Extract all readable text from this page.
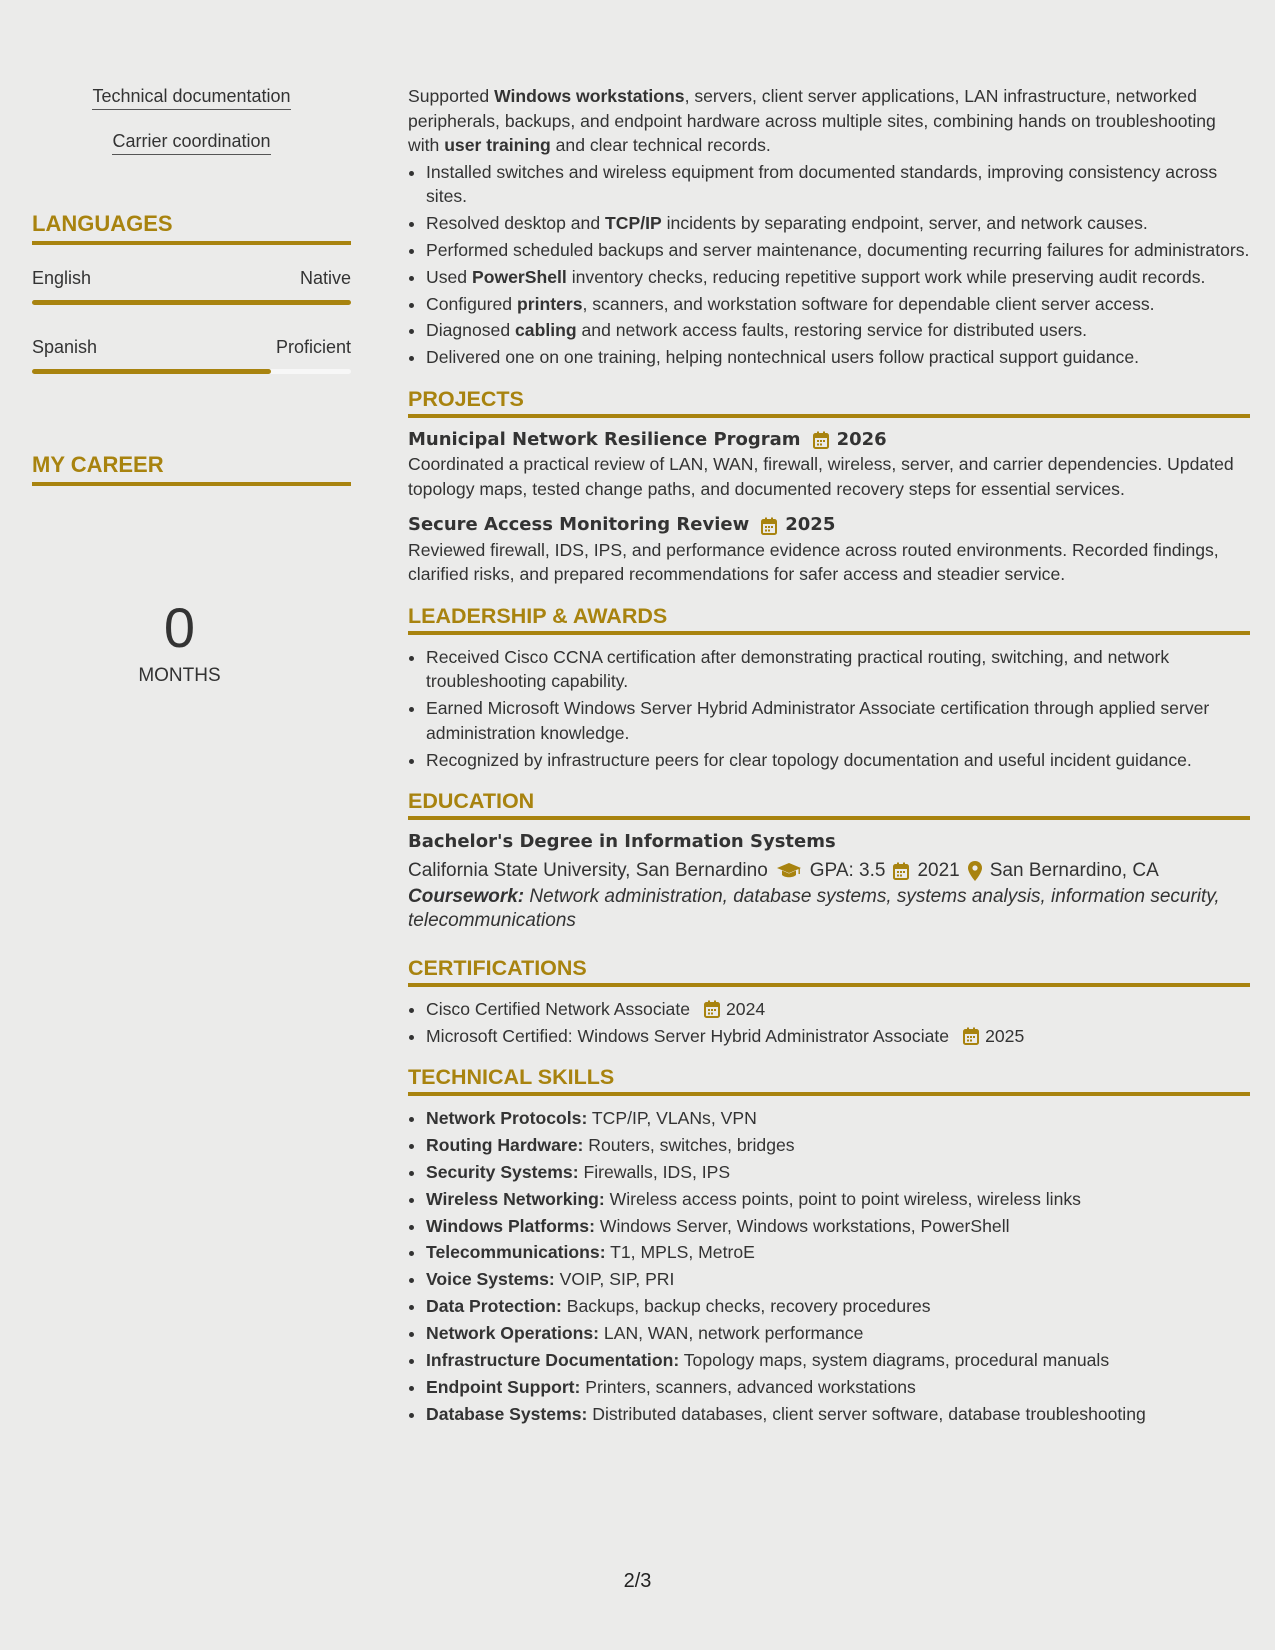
Technical documentation
Carrier coordination
LANGUAGES
English	Native
Spanish	Proficient
MY CAREER
0
MONTHS

Supported Windows workstations, servers, client server applications, LAN infrastructure, networked peripherals, backups, and endpoint hardware across multiple sites, combining hands on troubleshooting with user training and clear technical records.

• Installed switches and wireless equipment from documented standards, improving consistency across sites.
• Resolved desktop and TCP/IP incidents by separating endpoint, server, and network causes.
• Performed scheduled backups and server maintenance, documenting recurring failures for administrators.
• Used PowerShell inventory checks, reducing repetitive support work while preserving audit records.
• Configured printers, scanners, and workstation software for dependable client server access.
• Diagnosed cabling and network access faults, restoring service for distributed users.
• Delivered one on one training, helping nontechnical users follow practical support guidance.
PROJECTS
Municipal Network Resilience Program 2026

Coordinated a practical review of LAN, WAN, firewall, wireless, server, and carrier dependencies. Updated topology maps, tested change paths, and documented recovery steps for essential services.

Secure Access Monitoring Review 2025

Reviewed firewall, IDS, IPS, and performance evidence across routed environments. Recorded findings, clarified risks, and prepared recommendations for safer access and steadier service.

LEADERSHIP & AWARDS
• Received Cisco CCNA certification after demonstrating practical routing, switching, and network troubleshooting capability.
• Earned Microsoft Windows Server Hybrid Administrator Associate certification through applied server administration knowledge.
• Recognized by infrastructure peers for clear topology documentation and useful incident guidance.
EDUCATION
Bachelor's Degree in Information Systems
California State University, San Bernardino GPA: 3.5 2021 San Bernardino, CA

Coursework: Network administration, database systems, systems analysis, information security, telecommunications

CERTIFICATIONS
• Cisco Certified Network Associate 2024
• Microsoft Certified: Windows Server Hybrid Administrator Associate 2025
TECHNICAL SKILLS
• Network Protocols: TCP/IP, VLANs, VPN
• Routing Hardware: Routers, switches, bridges
• Security Systems: Firewalls, IDS, IPS
• Wireless Networking: Wireless access points, point to point wireless, wireless links
• Windows Platforms: Windows Server, Windows workstations, PowerShell
• Telecommunications: T1, MPLS, MetroE
• Voice Systems: VOIP, SIP, PRI
• Data Protection: Backups, backup checks, recovery procedures
• Network Operations: LAN, WAN, network performance
• Infrastructure Documentation: Topology maps, system diagrams, procedural manuals
• Endpoint Support: Printers, scanners, advanced workstations
• Database Systems: Distributed databases, client server software, database troubleshooting
2/3
